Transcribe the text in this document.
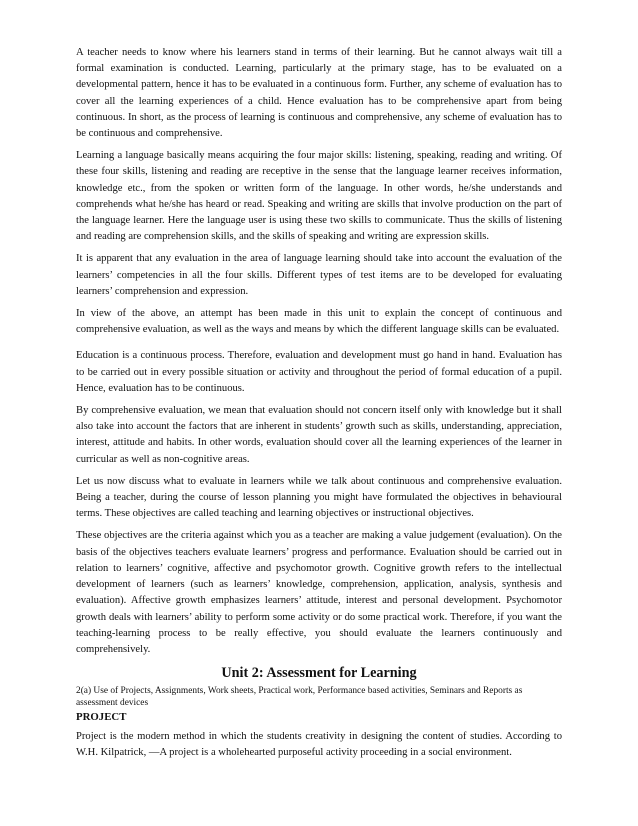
A teacher needs to know where his learners stand in terms of their learning. But he cannot always wait till a formal examination is conducted. Learning, particularly at the primary stage, has to be evaluated on a developmental pattern, hence it has to be evaluated in a continuous form. Further, any scheme of evaluation has to cover all the learning experiences of a child. Hence evaluation has to be comprehensive apart from being continuous. In short, as the process of learning is continuous and comprehensive, any scheme of evaluation has to be continuous and comprehensive.

Learning a language basically means acquiring the four major skills: listening, speaking, reading and writing. Of these four skills, listening and reading are receptive in the sense that the language learner receives information, knowledge etc., from the spoken or written form of the language. In other words, he/she understands and comprehends what he/she has heard or read. Speaking and writing are skills that involve production on the part of the language learner. Here the language user is using these two skills to communicate. Thus the skills of listening and reading are comprehension skills, and the skills of speaking and writing are expression skills.

It is apparent that any evaluation in the area of language learning should take into account the evaluation of the learners’ competencies in all the four skills. Different types of test items are to be developed for evaluating learners’ comprehension and expression.

In view of the above, an attempt has been made in this unit to explain the concept of continuous and comprehensive evaluation, as well as the ways and means by which the different language skills can be evaluated.

Education is a continuous process. Therefore, evaluation and development must go hand in hand. Evaluation has to be carried out in every possible situation or activity and throughout the period of formal education of a pupil. Hence, evaluation has to be continuous.

By comprehensive evaluation, we mean that evaluation should not concern itself only with knowledge but it shall also take into account the factors that are inherent in students’ growth such as skills, understanding, appreciation, interest, attitude and habits. In other words, evaluation should cover all the learning experiences of the learner in curricular as well as non-cognitive areas.

Let us now discuss what to evaluate in learners while we talk about continuous and comprehensive evaluation. Being a teacher, during the course of lesson planning you might have formulated the objectives in behavioural terms. These objectives are called teaching and learning objectives or instructional objectives.

These objectives are the criteria against which you as a teacher are making a value judgement (evaluation). On the basis of the objectives teachers evaluate learners’ progress and performance. Evaluation should be carried out in relation to learners’ cognitive, affective and psychomotor growth. Cognitive growth refers to the intellectual development of learners (such as learners’ knowledge, comprehension, application, analysis, synthesis and evaluation). Affective growth emphasizes learners’ attitude, interest and personal development. Psychomotor growth deals with learners’ ability to perform some activity or do some practical work. Therefore, if you want the teaching-learning process to be really effective, you should evaluate the learners continuously and comprehensively.

Unit 2: Assessment for Learning
2(a) Use of Projects, Assignments, Work sheets, Practical work, Performance based activities, Seminars and Reports as assessment devices
PROJECT

Project is the modern method in which the students creativity in designing the content of studies. According to W.H. Kilpatrick, ―A project is a wholehearted purposeful activity proceeding in a social environment.
